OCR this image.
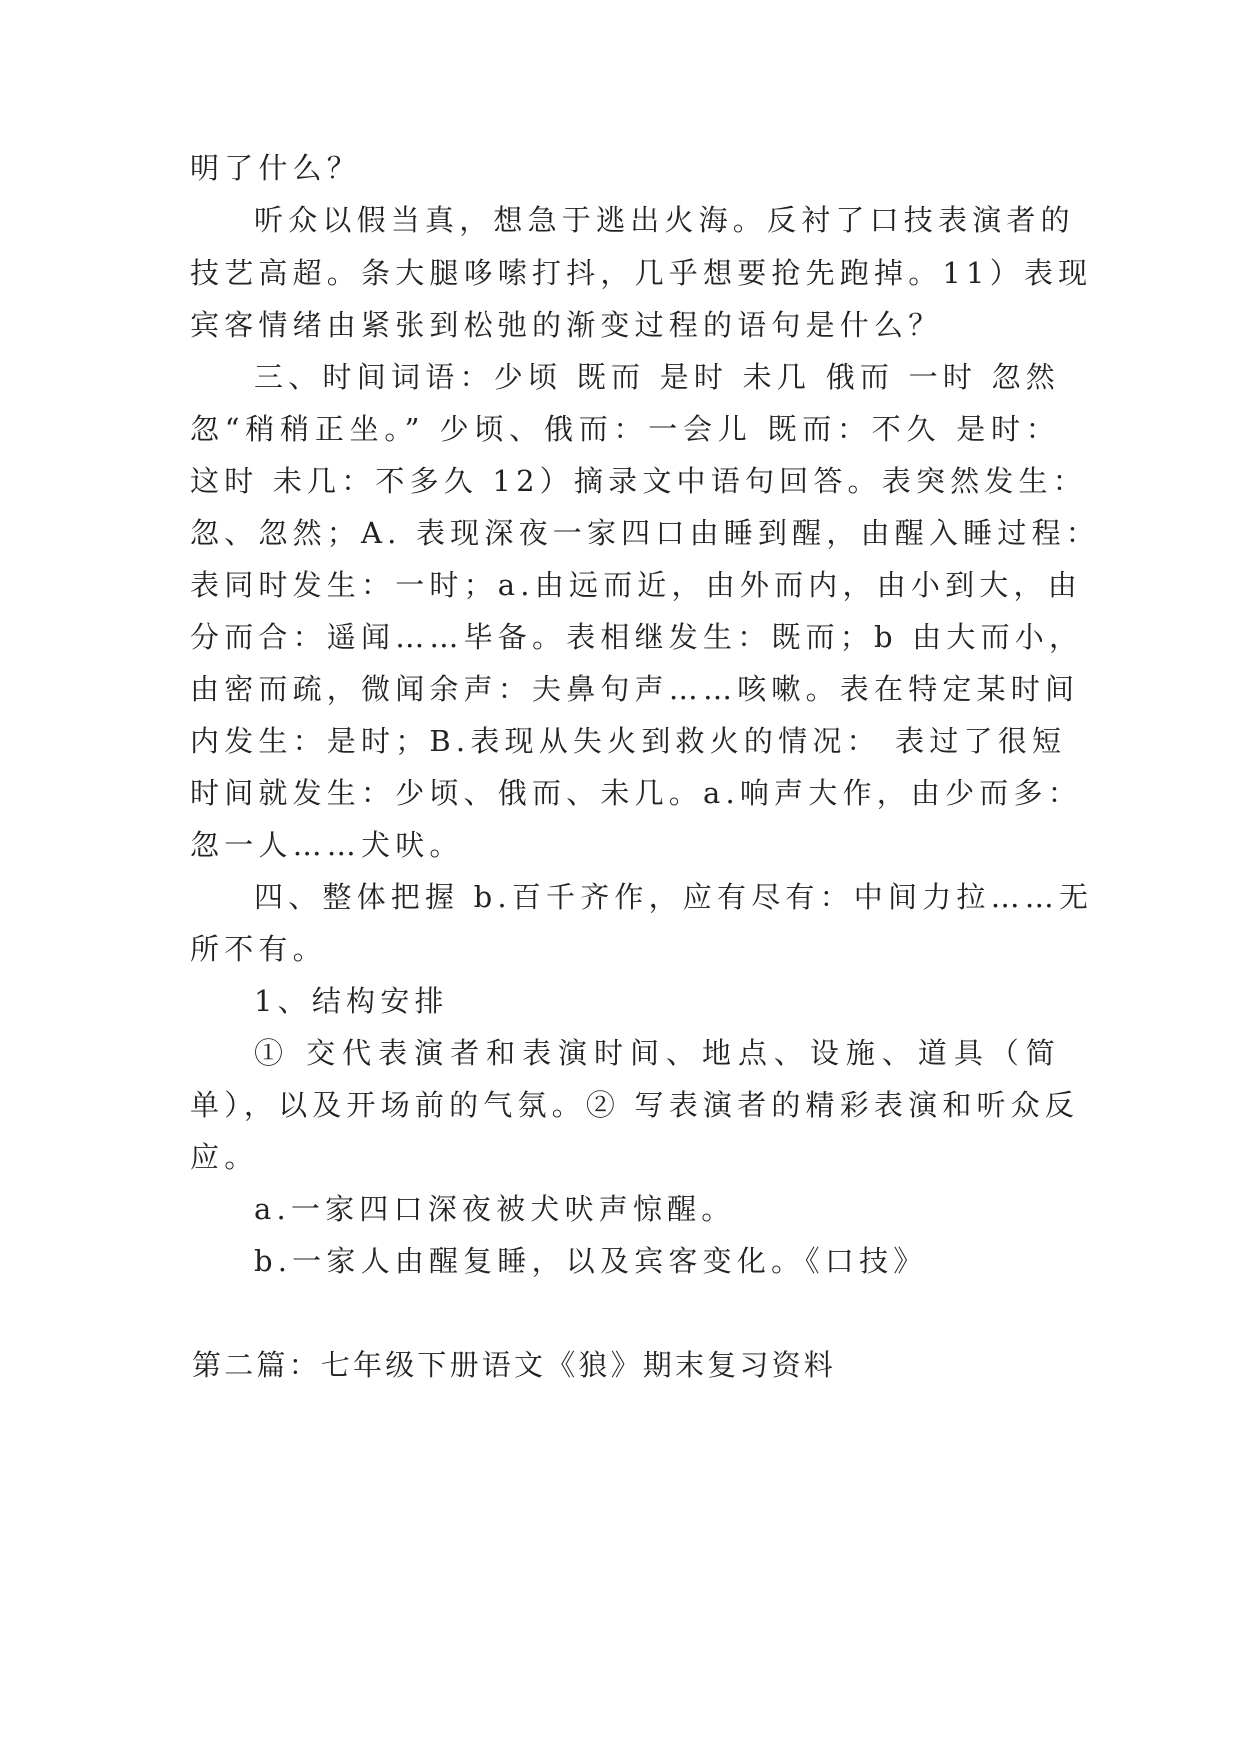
明了什么？
听众以假当真，想急于逃出火海。反衬了口技表演者的
技艺高超。条大腿哆嗦打抖，几乎想要抢先跑掉。11）表现
宾客情绪由紧张到松弛的渐变过程的语句是什么？
三、时间词语：少顷 既而 是时 未几 俄而 一时 忽然
忽“稍稍正坐。” 少顷、俄而：一会儿 既而：不久 是时：
这时 未几：不多久 12）摘录文中语句回答。表突然发生：
忽、忽然；A. 表现深夜一家四口由睡到醒，由醒入睡过程：
表同时发生：一时；a.由远而近，由外而内，由小到大，由
分而合：遥闻……毕备。表相继发生：既而；b 由大而小，
由密而疏，微闻余声：夫鼻句声……咳嗽。表在特定某时间
内发生：是时；B.表现从失火到救火的情况： 表过了很短
时间就发生：少顷、俄而、未几。a.响声大作，由少而多：
忽一人……犬吠。
四、整体把握 b.百千齐作，应有尽有：中间力拉……无
所不有。
1、结构安排
① 交代表演者和表演时间、地点、设施、道具（简
单），以及开场前的气氛。② 写表演者的精彩表演和听众反
应。
a.一家四口深夜被犬吠声惊醒。
b.一家人由醒复睡，以及宾客变化。《口技》
第二篇：七年级下册语文《狼》期末复习资料
